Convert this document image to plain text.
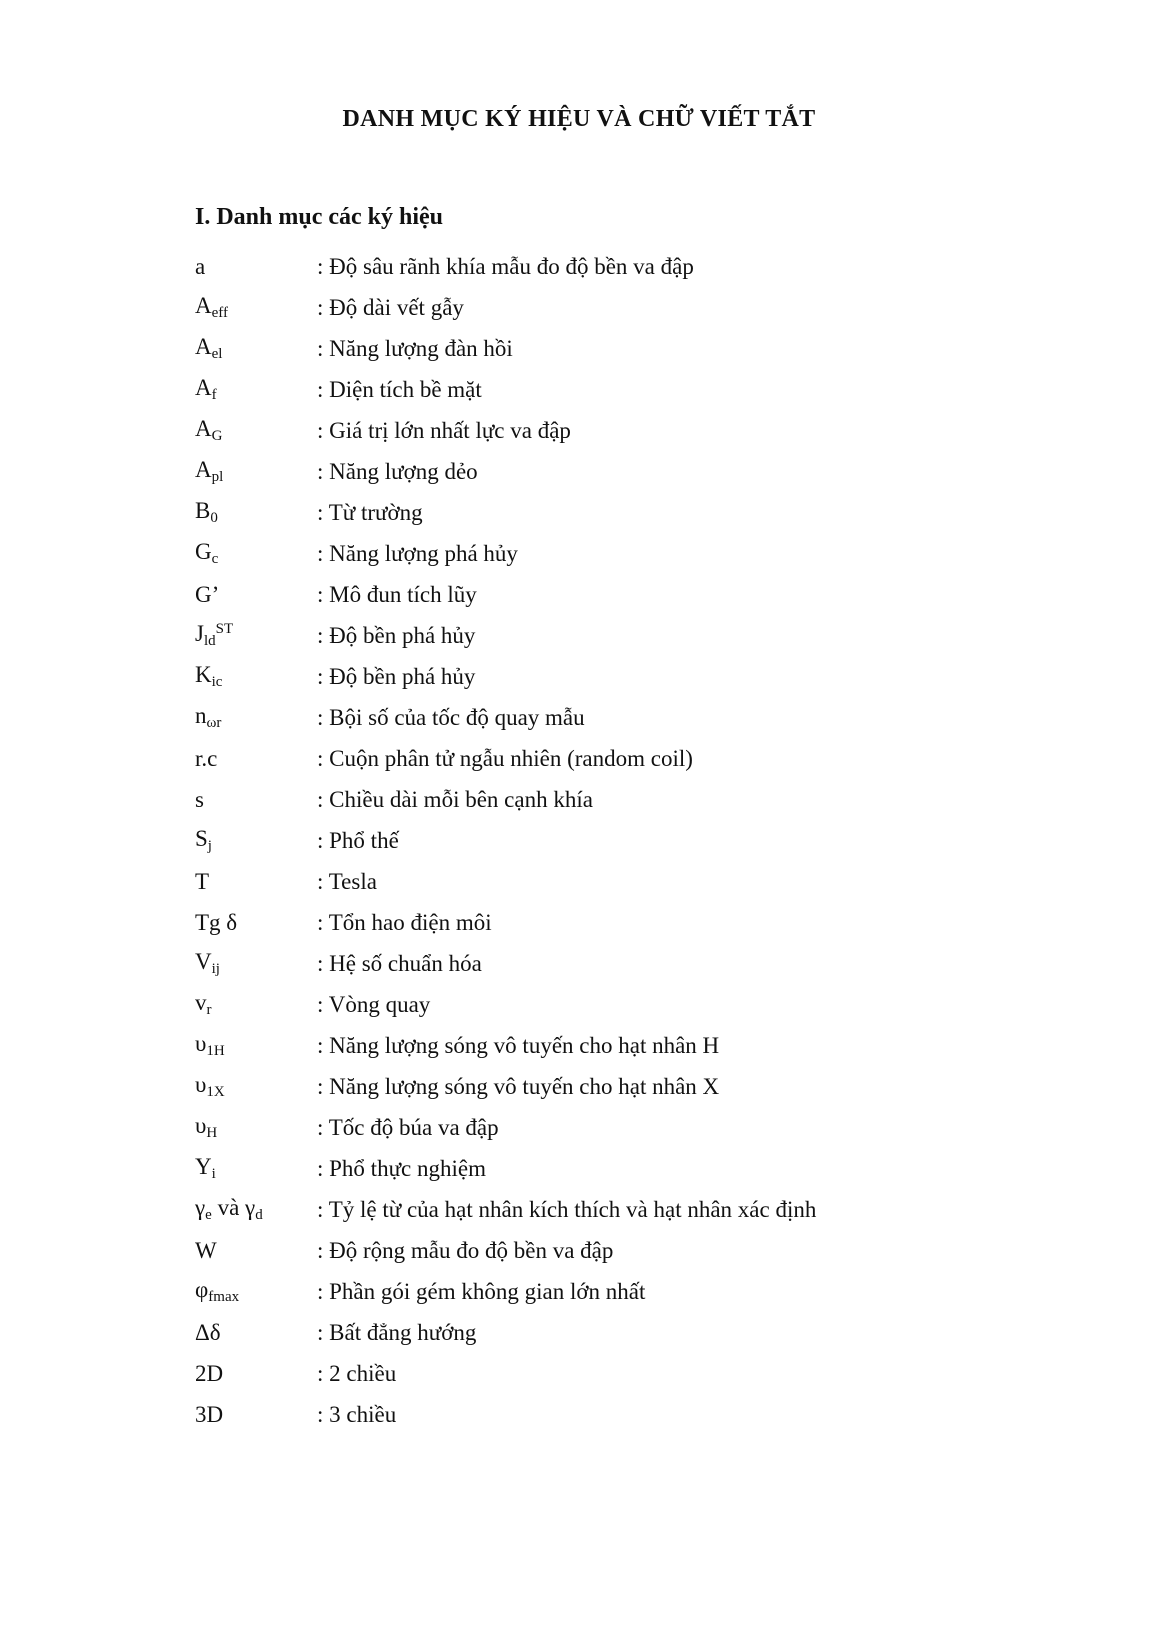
DANH MỤC KÝ HIỆU VÀ CHỮ VIẾT TẮT
I. Danh mục các ký hiệu
a	: Độ sâu rãnh khía mẫu đo độ bền va đập
$A_{eff}$	: Độ dài vết gẫy
$A_{el}$	: Năng lượng đàn hồi
$A_f$	: Diện tích bề mặt
$A_G$	: Giá trị lớn nhất lực va đập
$A_{pl}$	: Năng lượng dẻo
$B_0$	: Từ trường
$G_c$	: Năng lượng phá hủy
G’	: Mô đun tích lũy
$J_{ld}^{ST}$	: Độ bền phá hủy
$K_{ic}$	: Độ bền phá hủy
$n_{\omega r}$	: Bội số của tốc độ quay mẫu
r.c	: Cuộn phân tử ngẫu nhiên (random coil)
s	: Chiều dài mỗi bên cạnh khía
$S_j$	: Phổ thế
T	: Tesla
Tg δ	: Tổn hao điện môi
$V_{ij}$	: Hệ số chuẩn hóa
$v_r$	: Vòng quay
$\upsilon_{1H}$	: Năng lượng sóng vô tuyến cho hạt nhân H
$\upsilon_{1X}$	: Năng lượng sóng vô tuyến cho hạt nhân X
$\upsilon_H$	: Tốc độ búa va đập
$Y_i$	: Phổ thực nghiệm
$\gamma_e$ và $\gamma_d$	: Tỷ lệ từ của hạt nhân kích thích và hạt nhân xác định
W	: Độ rộng mẫu đo độ bền va đập
$\varphi_{fmax}$	: Phần gói gém không gian lớn nhất
Δδ	: Bất đẳng hướng
2D	: 2 chiều
3D	: 3 chiều
